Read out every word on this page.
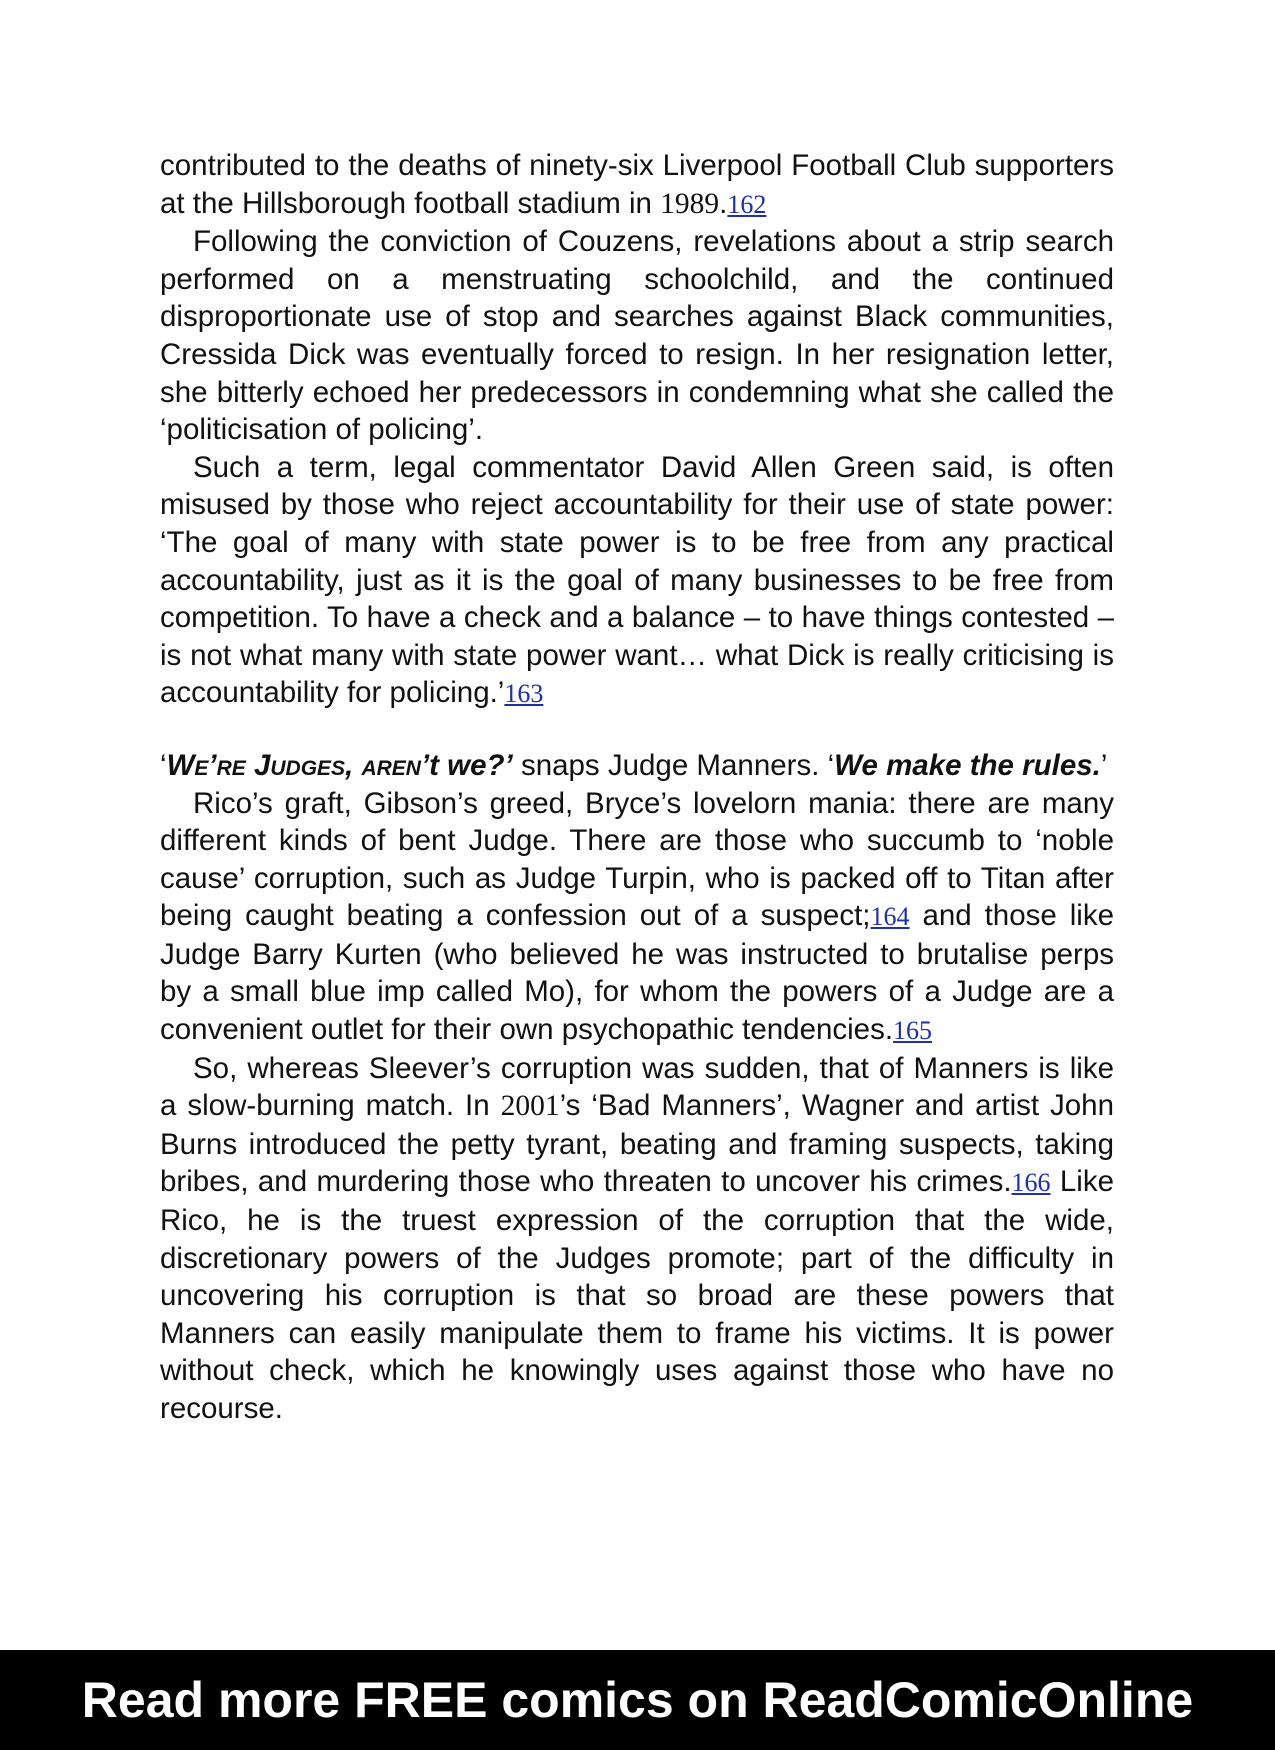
contributed to the deaths of ninety-six Liverpool Football Club supporters at the Hillsborough football stadium in 1989.162

Following the conviction of Couzens, revelations about a strip search performed on a menstruating schoolchild, and the continued disproportionate use of stop and searches against Black communities, Cressida Dick was eventually forced to resign. In her resignation letter, she bitterly echoed her predecessors in condemning what she called the ‘politicisation of policing’.

Such a term, legal commentator David Allen Green said, is often misused by those who reject accountability for their use of state power: ‘The goal of many with state power is to be free from any practical accountability, just as it is the goal of many businesses to be free from competition. To have a check and a balance – to have things contested – is not what many with state power want… what Dick is really criticising is accountability for policing.’163

‘We’re Judges, aren’t we?’ snaps Judge Manners. ‘We make the rules.’

Rico’s graft, Gibson’s greed, Bryce’s lovelorn mania: there are many different kinds of bent Judge. There are those who succumb to ‘noble cause’ corruption, such as Judge Turpin, who is packed off to Titan after being caught beating a confession out of a suspect;164 and those like Judge Barry Kurten (who believed he was instructed to brutalise perps by a small blue imp called Mo), for whom the powers of a Judge are a convenient outlet for their own psychopathic tendencies.165

So, whereas Sleever’s corruption was sudden, that of Manners is like a slow-burning match. In 2001’s ‘Bad Manners’, Wagner and artist John Burns introduced the petty tyrant, beating and framing suspects, taking bribes, and murdering those who threaten to uncover his crimes.166 Like Rico, he is the truest expression of the corruption that the wide, discretionary powers of the Judges promote; part of the difficulty in uncovering his corruption is that so broad are these powers that Manners can easily manipulate them to frame his victims. It is power without check, which he knowingly uses against those who have no recourse.

Read more FREE comics on ReadComicOnline
